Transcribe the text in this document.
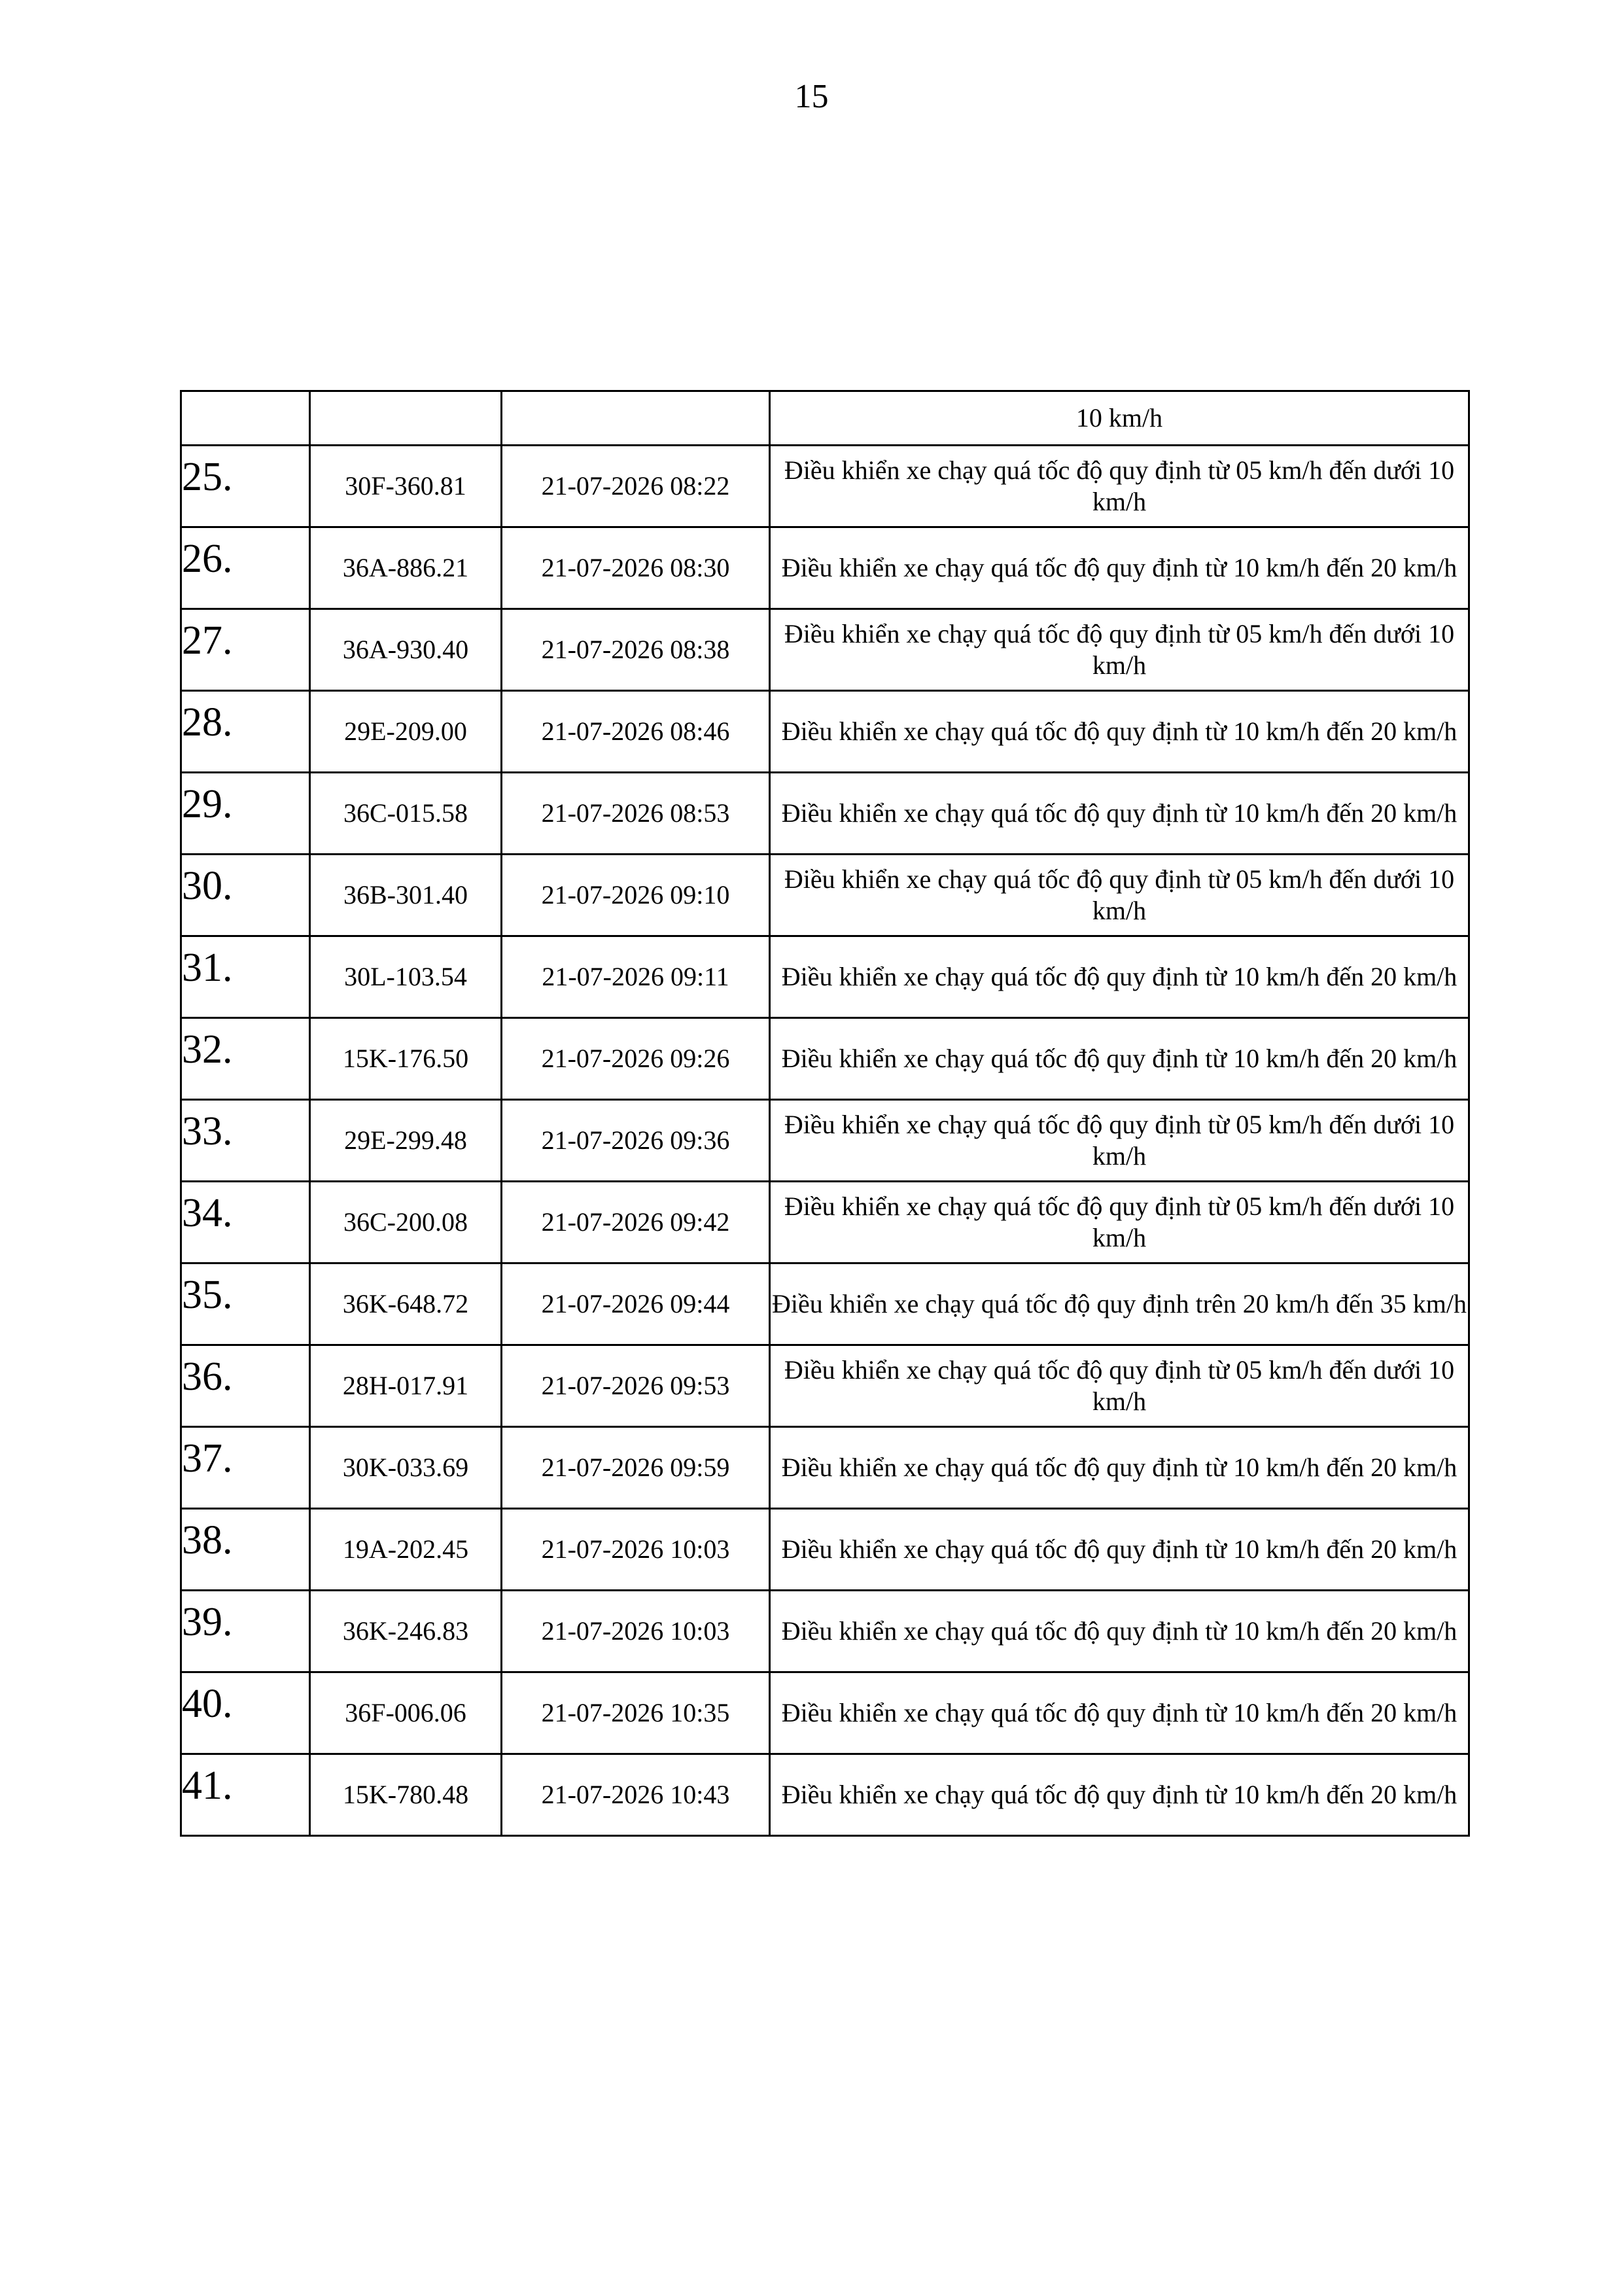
15
			10 km/h
25.	30F-360.81	21-07-2026 08:22	Điều khiển xe chạy quá tốc độ quy định từ 05 km/h đến dưới 10 km/h
26.	36A-886.21	21-07-2026 08:30	Điều khiển xe chạy quá tốc độ quy định từ 10 km/h đến 20 km/h
27.	36A-930.40	21-07-2026 08:38	Điều khiển xe chạy quá tốc độ quy định từ 05 km/h đến dưới 10 km/h
28.	29E-209.00	21-07-2026 08:46	Điều khiển xe chạy quá tốc độ quy định từ 10 km/h đến 20 km/h
29.	36C-015.58	21-07-2026 08:53	Điều khiển xe chạy quá tốc độ quy định từ 10 km/h đến 20 km/h
30.	36B-301.40	21-07-2026 09:10	Điều khiển xe chạy quá tốc độ quy định từ 05 km/h đến dưới 10 km/h
31.	30L-103.54	21-07-2026 09:11	Điều khiển xe chạy quá tốc độ quy định từ 10 km/h đến 20 km/h
32.	15K-176.50	21-07-2026 09:26	Điều khiển xe chạy quá tốc độ quy định từ 10 km/h đến 20 km/h
33.	29E-299.48	21-07-2026 09:36	Điều khiển xe chạy quá tốc độ quy định từ 05 km/h đến dưới 10 km/h
34.	36C-200.08	21-07-2026 09:42	Điều khiển xe chạy quá tốc độ quy định từ 05 km/h đến dưới 10 km/h
35.	36K-648.72	21-07-2026 09:44	Điều khiển xe chạy quá tốc độ quy định trên 20 km/h đến 35 km/h
36.	28H-017.91	21-07-2026 09:53	Điều khiển xe chạy quá tốc độ quy định từ 05 km/h đến dưới 10 km/h
37.	30K-033.69	21-07-2026 09:59	Điều khiển xe chạy quá tốc độ quy định từ 10 km/h đến 20 km/h
38.	19A-202.45	21-07-2026 10:03	Điều khiển xe chạy quá tốc độ quy định từ 10 km/h đến 20 km/h
39.	36K-246.83	21-07-2026 10:03	Điều khiển xe chạy quá tốc độ quy định từ 10 km/h đến 20 km/h
40.	36F-006.06	21-07-2026 10:35	Điều khiển xe chạy quá tốc độ quy định từ 10 km/h đến 20 km/h
41.	15K-780.48	21-07-2026 10:43	Điều khiển xe chạy quá tốc độ quy định từ 10 km/h đến 20 km/h
